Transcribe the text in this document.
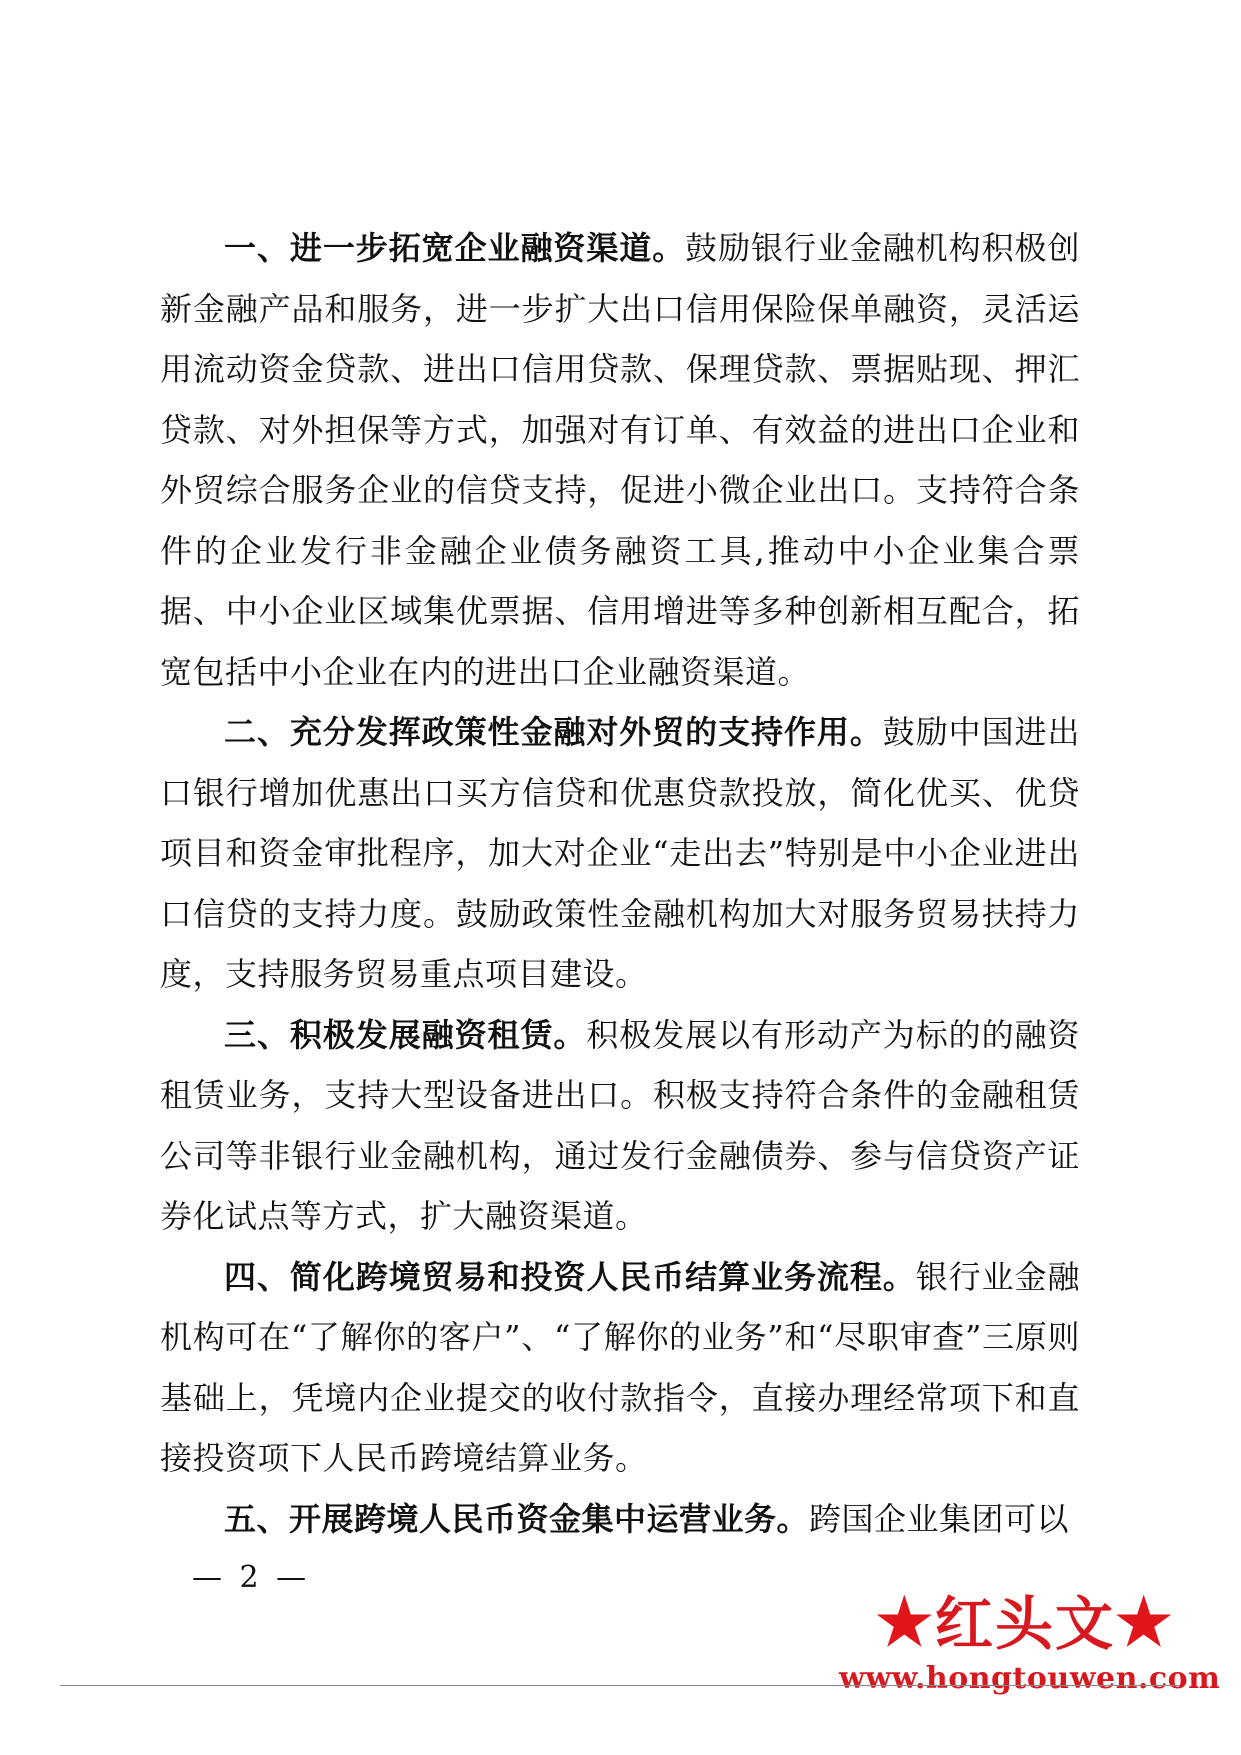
一、进一步拓宽企业融资渠道。鼓励银行业金融机构积极创新金融产品和服务，进一步扩大出口信用保险保单融资，灵活运用流动资金贷款、进出口信用贷款、保理贷款、票据贴现、押汇贷款、对外担保等方式，加强对有订单、有效益的进出口企业和外贸综合服务企业的信贷支持，促进小微企业出口。支持符合条件的企业发行非金融企业债务融资工具,推动中小企业集合票据、中小企业区域集优票据、信用增进等多种创新相互配合，拓宽包括中小企业在内的进出口企业融资渠道。

二、充分发挥政策性金融对外贸的支持作用。鼓励中国进出口银行增加优惠出口买方信贷和优惠贷款投放，简化优买、优贷项目和资金审批程序，加大对企业“走出去”特别是中小企业进出口信贷的支持力度。鼓励政策性金融机构加大对服务贸易扶持力度，支持服务贸易重点项目建设。

三、积极发展融资租赁。积极发展以有形动产为标的的融资租赁业务，支持大型设备进出口。积极支持符合条件的金融租赁公司等非银行业金融机构，通过发行金融债券、参与信贷资产证券化试点等方式，扩大融资渠道。

四、简化跨境贸易和投资人民币结算业务流程。银行业金融机构可在“了解你的客户”、“了解你的业务”和“尽职审查”三原则基础上，凭境内企业提交的收付款指令，直接办理经常项下和直接投资项下人民币跨境结算业务。

五、开展跨境人民币资金集中运营业务。跨国企业集团可以

— 2 —
★红头文★
www.hongtouwen.com
